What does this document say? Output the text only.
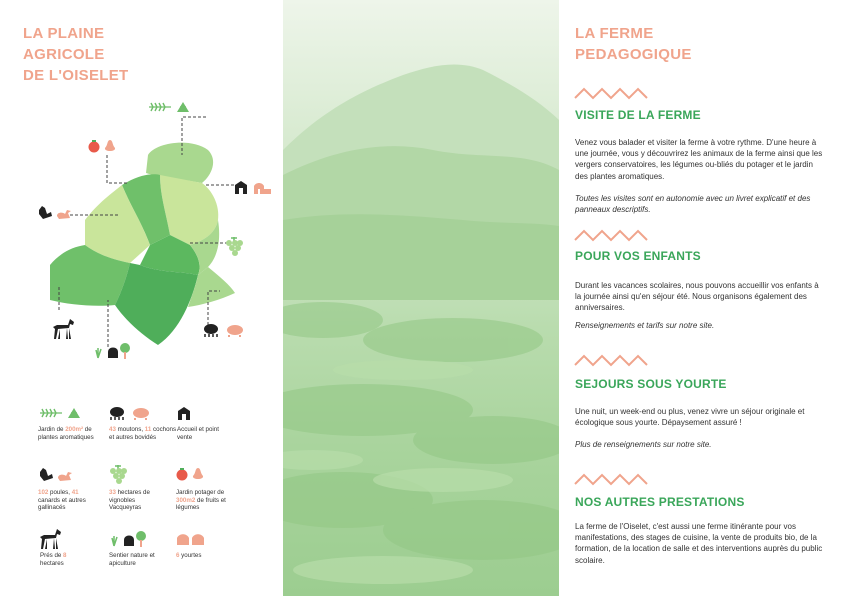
LA PLAINE
AGRICOLE
DE L'OISELET
Jardin de 200m² de plantes aromatiques
43 moutons, 11 cochons et autres bovidés
Accueil et point vente
102 poules, 41 canards et autres gallinacés
33 hectares de vignobles Vacqueyras
Jardin potager de 300m2 de fruits et légumes
Prés de 8 hectares
Sentier nature et apiculture
6 yourtes
LA FERME
PEDAGOGIQUE
VISITE DE LA FERME

Venez vous balader et visiter la ferme à votre rythme. D'une heure à une journée, vous y découvrirez les animaux de la ferme ainsi que les vergers conservatoires, les légumes ou-bliés du potager et le jardin des plantes aromatiques.

Toutes les visites sont en autonomie avec un livret explicatif et des panneaux descriptifs.

POUR VOS ENFANTS

Durant les vacances scolaires, nous pouvons accueillir vos enfants à la journée ainsi qu'en séjour été. Nous organisons également des anniversaires.

Renseignements et tarifs sur notre site.

SEJOURS SOUS YOURTE

Une nuit, un week-end ou plus, venez vivre un séjour originale et écologique sous yourte. Dépaysement assuré !

Plus de renseignements sur notre site.

NOS AUTRES PRESTATIONS

La ferme de l'Oiselet, c'est aussi une ferme itinérante pour vos manifestations, des stages de cuisine, la vente de produits bio, de la formation, de la location de salle et des interventions auprès du public scolaire.
